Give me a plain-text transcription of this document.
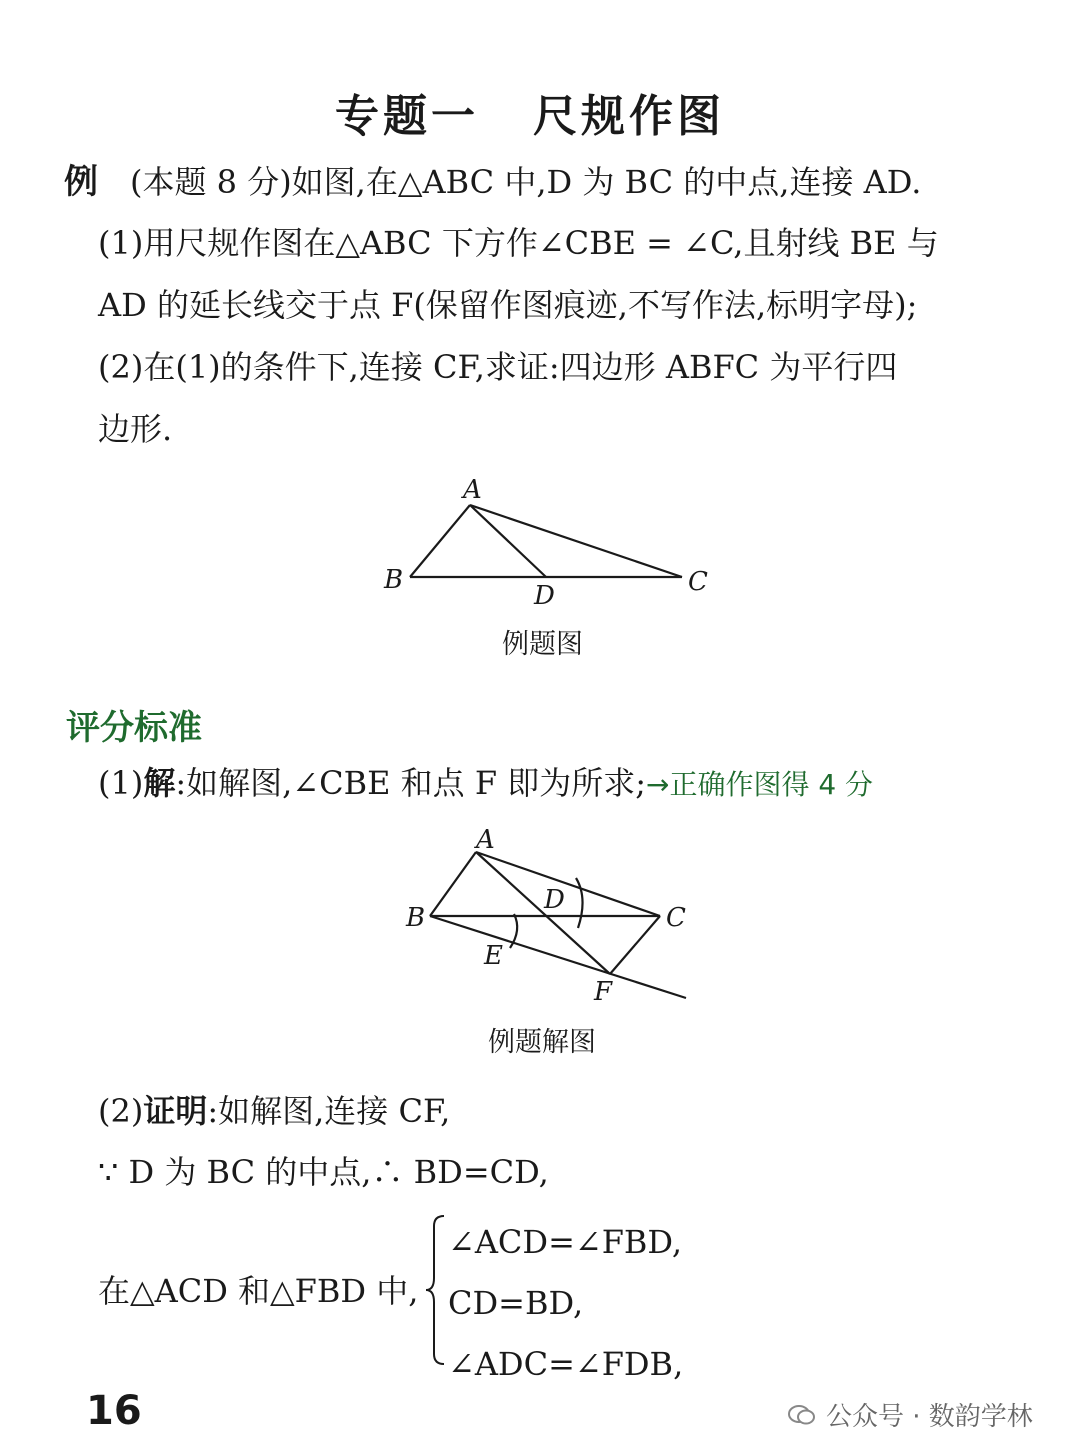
专题一 尺规作图
例 (本题 8 分)如图,在△ABC 中,D 为 BC 的中点,连接 AD.
(1)用尺规作图在△ABC 下方作∠CBE = ∠C,且射线 BE 与
AD 的延长线交于点 F(保留作图痕迹,不写作法,标明字母);
(2)在(1)的条件下,连接 CF,求证:四边形 ABFC 为平行四
边形.
A
B	C
D
例题图
评分标准
(1)解:如解图,∠CBE 和点 F 即为所求;→正确作图得 4 分
A
B	C
D
E
F
例题解图
(2)证明:如解图,连接 CF,
∵ D 为 BC 的中点,∴ BD=CD,
在△ACD 和△FBD 中,
∠ACD=∠FBD,
CD=BD,
∠ADC=∠FDB,
16	公众号 · 数韵学林
